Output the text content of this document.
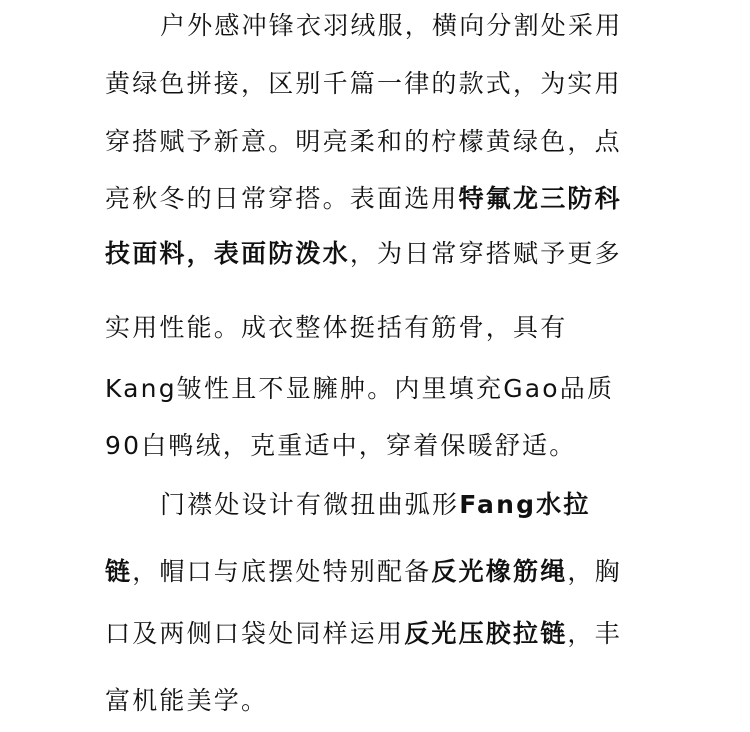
户外感冲锋衣羽绒服，横向分割处采用
黄绿色拼接，区别千篇一律的款式，为实用
穿搭赋予新意。明亮柔和的柠檬黄绿色，点
亮秋冬的日常穿搭。表面选用特氟龙三防科
技面料，表面防泼水，为日常穿搭赋予更多
实用性能。成衣整体挺括有筋骨，具有
Kang皱性且不显臃肿。内里填充Gao品质
90白鸭绒，克重适中，穿着保暖舒适。
门襟处设计有微扭曲弧形Fang水拉
链，帽口与底摆处特别配备反光橡筋绳，胸
口及两侧口袋处同样运用反光压胶拉链，丰
富机能美学。
